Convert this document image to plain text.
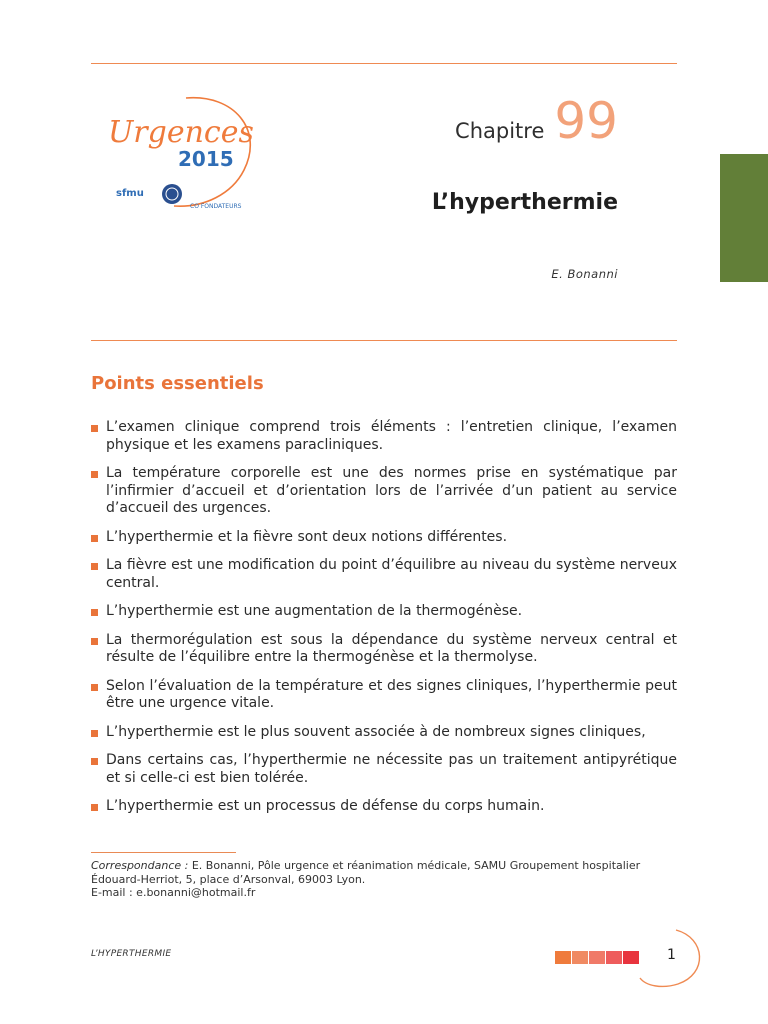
Urgences
2015
sfmu
CO FONDATEURS
Chapitre 99
L’hyperthermie
E. Bonanni
Points essentiels
L’examen clinique comprend trois éléments : l’entretien clinique, l’examen physique et les examens paracliniques.
La température corporelle est une des normes prise en systématique par l’infirmier d’accueil et d’orientation lors de l’arrivée d’un patient au service d’accueil des urgences.
L’hyperthermie et la fièvre sont deux notions différentes.
La fièvre est une modification du point d’équilibre au niveau du système nerveux central.
L’hyperthermie est une augmentation de la thermogénèse.
La thermorégulation est sous la dépendance du système nerveux central et résulte de l’équilibre entre la thermogénèse et la thermolyse.
Selon l’évaluation de la température et des signes cliniques, l’hyperthermie peut être une urgence vitale.
L’hyperthermie est le plus souvent associée à de nombreux signes cliniques,
Dans certains cas, l’hyperthermie ne nécessite pas un traitement antipyrétique et si celle-ci est bien tolérée.
L’hyperthermie est un processus de défense du corps humain.
Correspondance : E. Bonanni, Pôle urgence et réanimation médicale, SAMU Groupement hospitalier
Édouard-Herriot, 5, place d’Arsonval, 69003 Lyon.
E-mail : e.bonanni@hotmail.fr
L’HYPERTHERMIE	1
